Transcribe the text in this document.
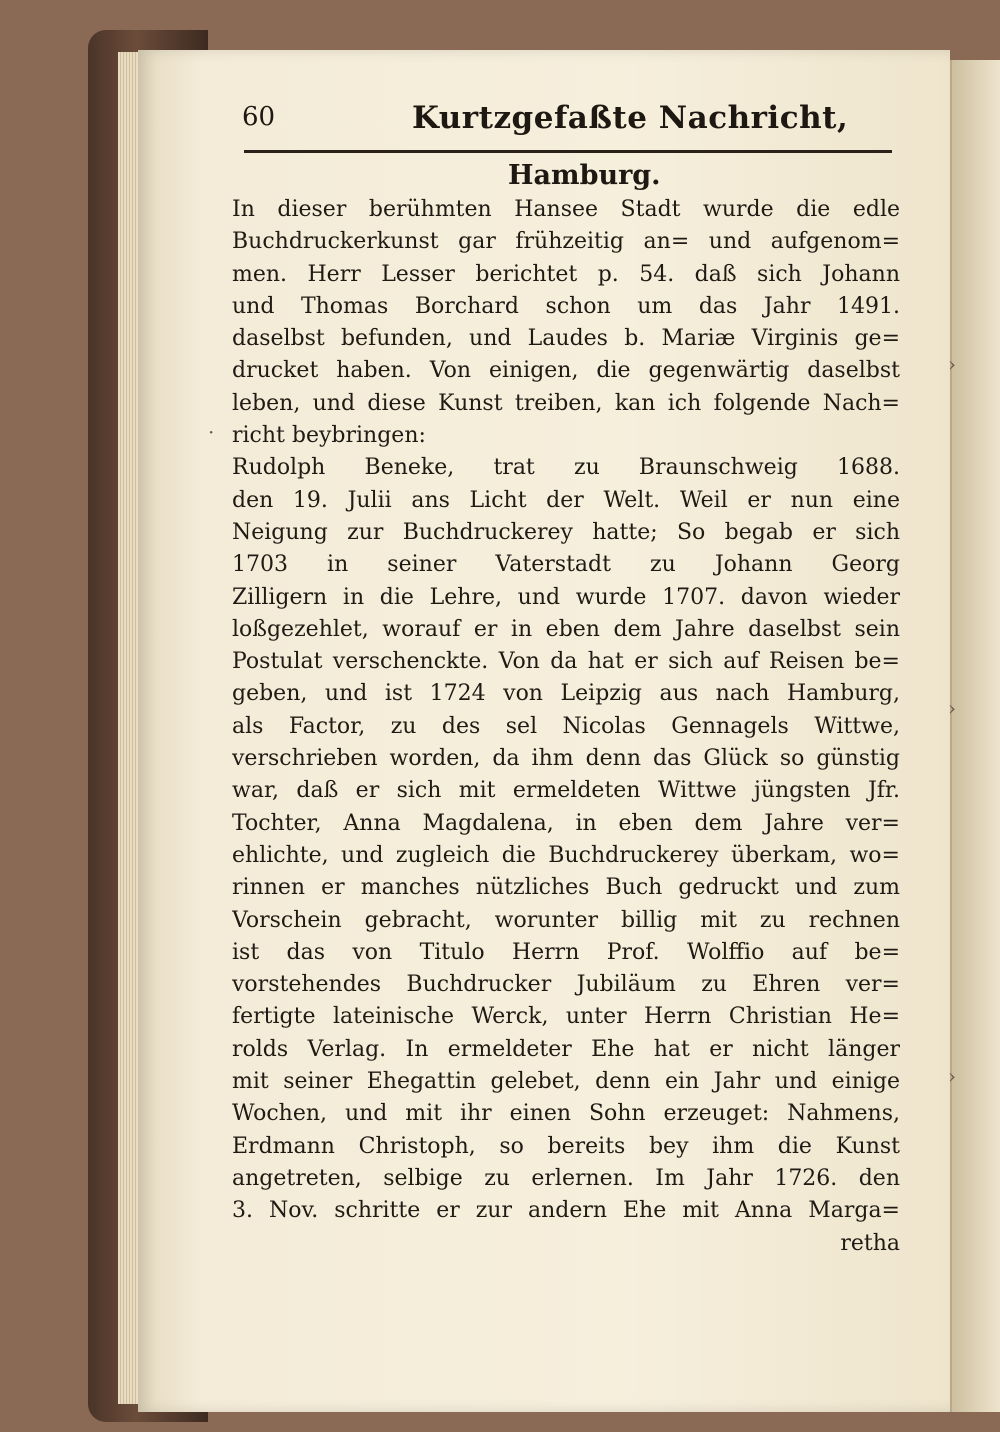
60	Kurtzgefaßte Nachricht,
Hamburg.
In dieser berühmten Hansee Stadt wurde die edle
Buchdruckerkunst gar frühzeitig an= und aufgenom=
men. Herr Lesser berichtet p. 54. daß sich Johann
und Thomas Borchard schon um das Jahr 1491.
daselbst befunden, und Laudes b. Mariæ Virginis ge=
drucket haben. Von einigen, die gegenwärtig daselbst
leben, und diese Kunst treiben, kan ich folgende Nach=
richt beybringen:
Rudolph Beneke, trat zu Braunschweig 1688.
den 19. Julii ans Licht der Welt. Weil er nun eine
Neigung zur Buchdruckerey hatte; So begab er sich
1703 in seiner Vaterstadt zu Johann Georg
Zilligern in die Lehre, und wurde 1707. davon wieder
loßgezehlet, worauf er in eben dem Jahre daselbst sein
Postulat verschenckte. Von da hat er sich auf Reisen be=
geben, und ist 1724 von Leipzig aus nach Hamburg,
als Factor, zu des sel Nicolas Gennagels Wittwe,
verschrieben worden, da ihm denn das Glück so günstig
war, daß er sich mit ermeldeten Wittwe jüngsten Jfr.
Tochter, Anna Magdalena, in eben dem Jahre ver=
ehlichte, und zugleich die Buchdruckerey überkam, wo=
rinnen er manches nützliches Buch gedruckt und zum
Vorschein gebracht, worunter billig mit zu rechnen
ist das von Titulo Herrn Prof. Wolffio auf be=
vorstehendes Buchdrucker Jubiläum zu Ehren ver=
fertigte lateinische Werck, unter Herrn Christian He=
rolds Verlag. In ermeldeter Ehe hat er nicht länger
mit seiner Ehegattin gelebet, denn ein Jahr und einige
Wochen, und mit ihr einen Sohn erzeuget: Nahmens,
Erdmann Christoph, so bereits bey ihm die Kunst
angetreten, selbige zu erlernen. Im Jahr 1726. den
3. Nov. schritte er zur andern Ehe mit Anna Marga=
retha
›
·
›
›
